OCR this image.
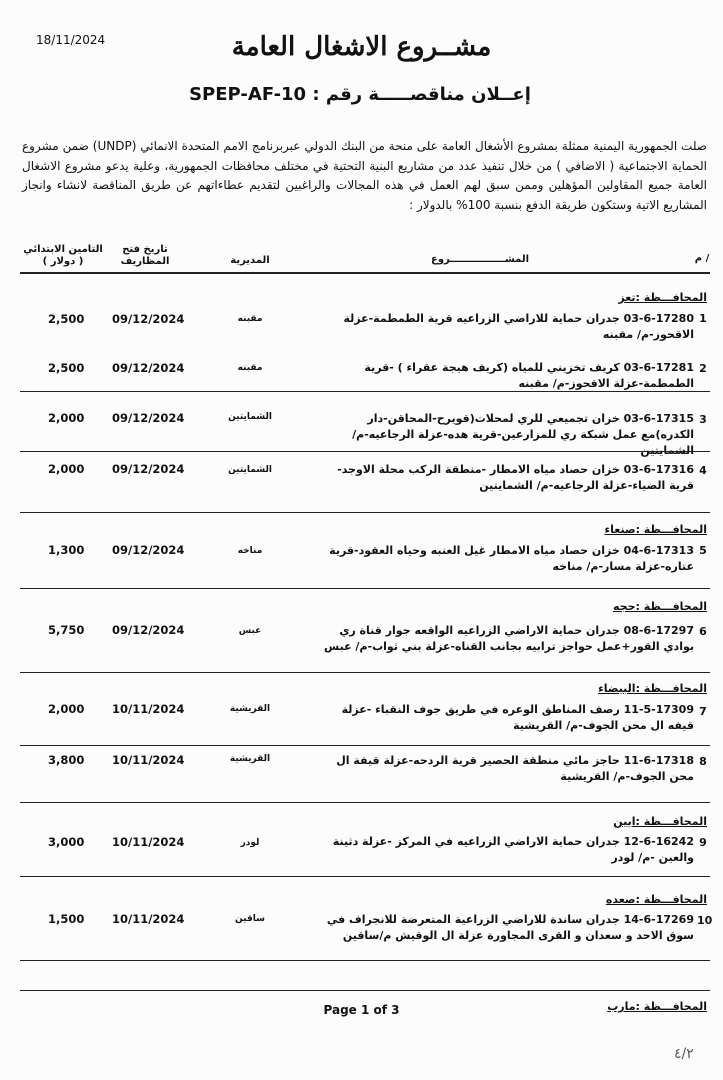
18/11/2024	مشــروع الاشغال العامة
إعــلان مناقصـــــة رقم : SPEP-AF-10
صلت الجمهورية اليمنية ممثلة بمشروع الأشغال العامة على منحة من البنك الدولي عبربرنامج الامم المتحدة الانمائي (UNDP) ضمن مشروع الحماية الاجتماعية ( الاضافي ) من خلال تنفيذ عدد من مشاريع البنية التحتية في مختلف محافظات الجمهورية، وعلية يدعو مشروع الاشغال العامة جميع المقاولين المؤهلين وممن سبق لهم العمل في هذه المجالات والراغبين لتقديم عطاءاتهم عن طريق المناقصة لانشاء وانجاز المشاريع الاتية وستكون طريقة الدفع بنسبة 100% بالدولار :
م /
المشــــــــــــــــروع
المديرية
تاريخ فتح المظاريف
التامين الابتدائي ( دولار )
المحافـــظة :تعز
المحافـــظة :صنعاء
المحافـــظة :حجه
المحافـــظة :البيضاء
المحافـــظة :ابين
المحافـــظة :صعده
المحافـــظة :مارب
1
03-6-17280 جدران حماية للاراضي الزراعيه قرية الطمطمة-عزلة الاقحوز-م/ مقبنه
مقبنه
09/12/2024
2,500
2
03-6-17281 كريف تخزيني للمياه (كريف هيجة عقراء ) -قرية الطمطمة-عزلة الاقحوز-م/ مقبنه
مقبنه
09/12/2024
2,500
3
03-6-17315 خزان تجميعي للري لمحلات(قويرح-المحاقن-دار الكدره)مع عمل شبكة ري للمزارعين-قرية هده-عزلة الرجاعيه-م/ الشمايتين
الشمايتين
09/12/2024
2,000
4
03-6-17316 خزان حصاد مياه الامطار -منطقة الركب محلة الاوجد-قرية الضياء-عزلة الرجاعيه-م/ الشمايتين
الشمايتين
09/12/2024
2,000
5
04-6-17313 خزان حصاد مياه الامطار غيل العنبه وحياه العقود-قرية عتاره-عزلة مسار-م/ مناخه
مناخه
09/12/2024
1,300
6
08-6-17297 جدران حماية الاراضي الزراعيه الواقعه جوار قناة ري بوادي القور+عمل حواجز ترابيه بجانب القناه-عزلة بني ثواب-م/ عبس
عبس
09/12/2024
5,750
7
11-5-17309 رصف المناطق الوعره في طريق جوف النقباء -عزلة قيفه ال محن الجوف-م/ القريشية
القريشية
10/11/2024
2,000
8
11-6-17318 حاجز مائي منطقة الحصير قرية الردحه-عزلة قيفة ال محن الجوف-م/ القريشية
القريشية
10/11/2024
3,800
9
12-6-16242 جدران حماية الاراضي الزراعيه في المركز -عزلة دثينة والعين -م/ لودر
لودر
10/11/2024
3,000
10
14-6-17269 جدران ساندة للاراضي الزراعية المتعرضة للانجراف في سوق الاحد و سعدان و القرى المجاورة عزلة ال الوقيش م/ساقين
ساقين
10/11/2024
1,500
Page 1 of 3
٤/٢
